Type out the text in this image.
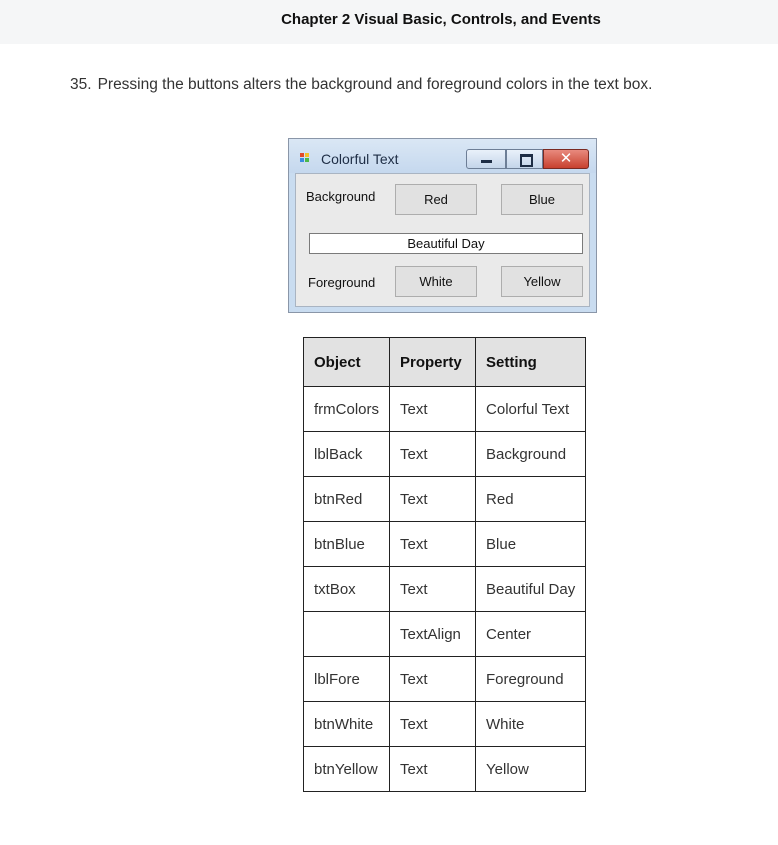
Chapter 2 Visual Basic, Controls, and Events
35. Pressing the buttons alters the background and foreground colors in the text box.
Colorful Text	✕
Background	Red	Blue
Beautiful Day
Foreground	White	Yellow
Object	Property	Setting
frmColors	Text	Colorful Text
lblBack	Text	Background
btnRed	Text	Red
btnBlue	Text	Blue
txtBox	Text	Beautiful Day
	TextAlign	Center
lblFore	Text	Foreground
btnWhite	Text	White
btnYellow	Text	Yellow
